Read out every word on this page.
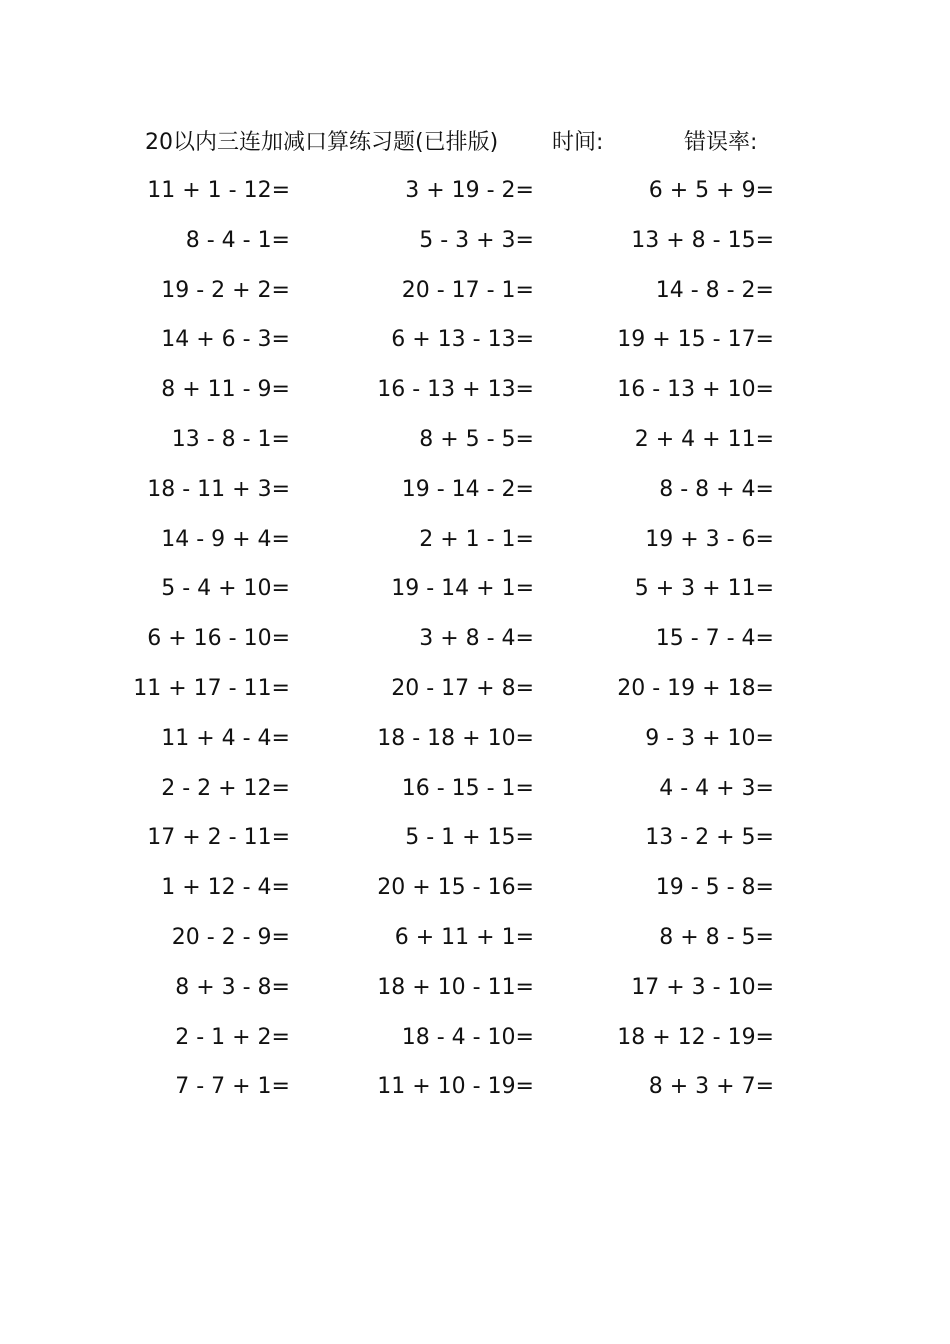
20以内三连加减口算练习题(已排版) 时间:	错误率:
11 + 1 - 12=	3 + 19 - 2=	6 + 5 + 9=
8 - 4 - 1=	5 - 3 + 3=	13 + 8 - 15=
19 - 2 + 2=	20 - 17 - 1=	14 - 8 - 2=
14 + 6 - 3=	6 + 13 - 13=	19 + 15 - 17=
8 + 11 - 9=	16 - 13 + 13=	16 - 13 + 10=
13 - 8 - 1=	8 + 5 - 5=	2 + 4 + 11=
18 - 11 + 3=	19 - 14 - 2=	8 - 8 + 4=
14 - 9 + 4=	2 + 1 - 1=	19 + 3 - 6=
5 - 4 + 10=	19 - 14 + 1=	5 + 3 + 11=
6 + 16 - 10=	3 + 8 - 4=	15 - 7 - 4=
11 + 17 - 11=	20 - 17 + 8=	20 - 19 + 18=
11 + 4 - 4=	18 - 18 + 10=	9 - 3 + 10=
2 - 2 + 12=	16 - 15 - 1=	4 - 4 + 3=
17 + 2 - 11=	5 - 1 + 15=	13 - 2 + 5=
1 + 12 - 4=	20 + 15 - 16=	19 - 5 - 8=
20 - 2 - 9=	6 + 11 + 1=	8 + 8 - 5=
8 + 3 - 8=	18 + 10 - 11=	17 + 3 - 10=
2 - 1 + 2=	18 - 4 - 10=	18 + 12 - 19=
7 - 7 + 1=	11 + 10 - 19=	8 + 3 + 7=
